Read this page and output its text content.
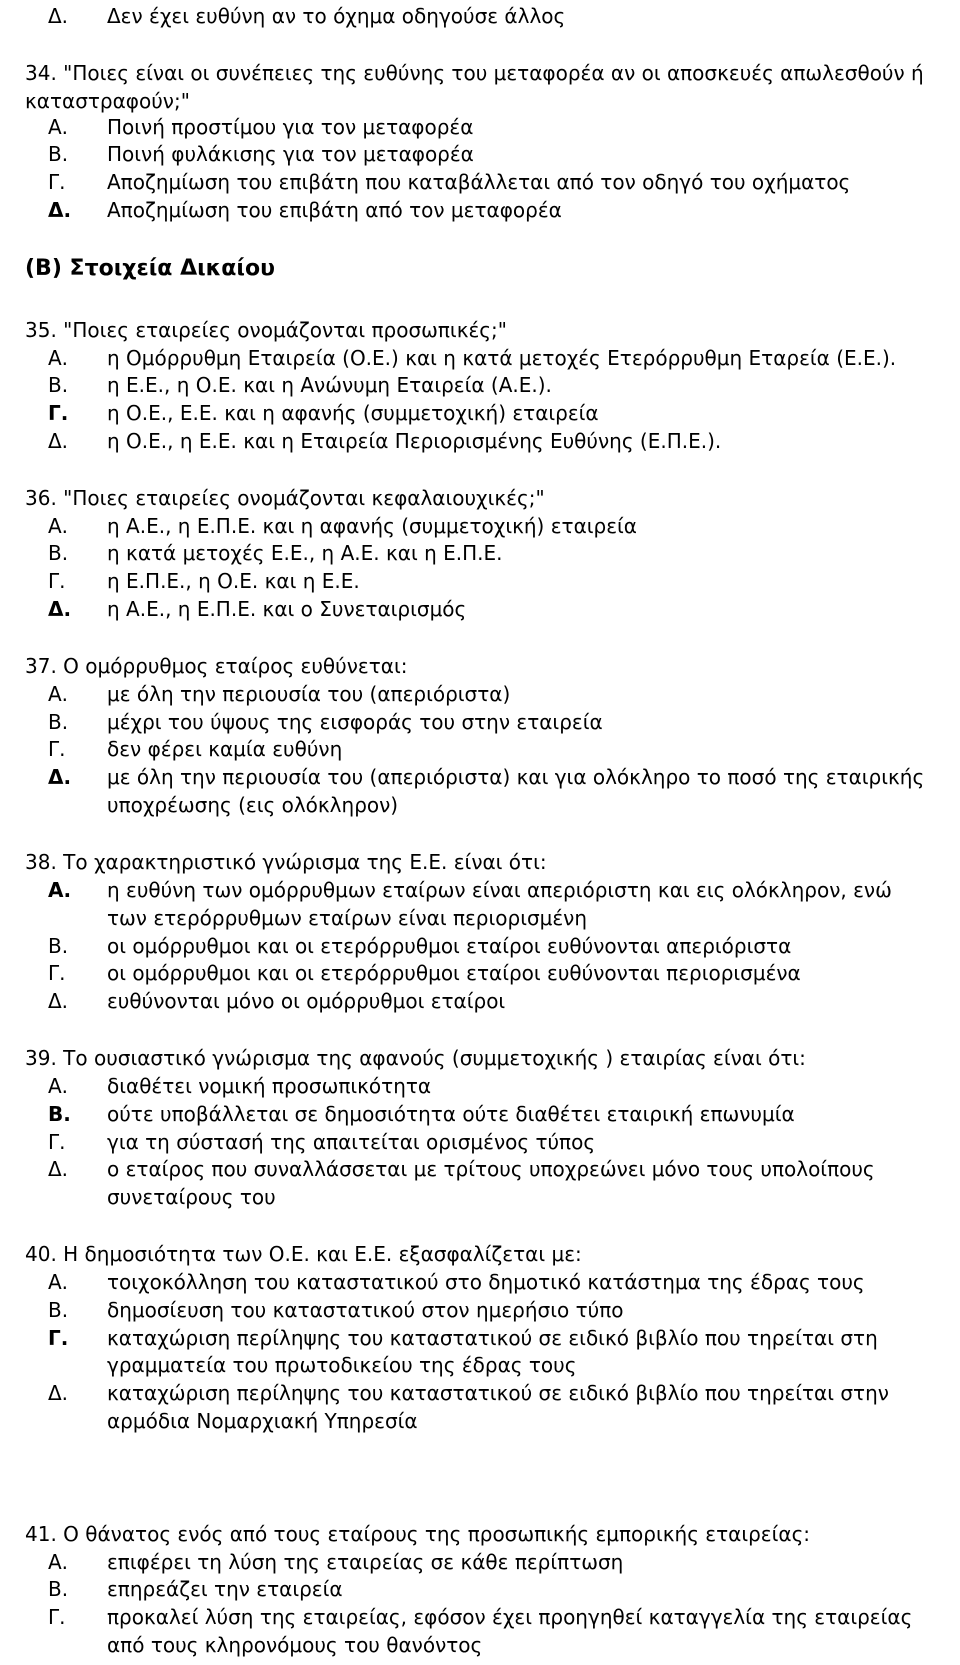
Δ. Δεν έχει ευθύνη αν το όχημα οδηγούσε άλλος
34. "Ποιες είναι οι συνέπειες της ευθύνης του μεταφορέα αν οι αποσκευές απωλεσθούν ή
καταστραφούν;"
Α. Ποινή προστίμου για τον μεταφορέα
Β. Ποινή φυλάκισης για τον μεταφορέα
Γ. Αποζημίωση του επιβάτη που καταβάλλεται από τον οδηγό του οχήματος
Δ. Αποζημίωση του επιβάτη από τον μεταφορέα
(Β) Στοιχεία Δικαίου
35. "Ποιες εταιρείες ονομάζονται προσωπικές;"
Α. η Ομόρρυθμη Εταιρεία (Ο.Ε.) και η κατά μετοχές Ετερόρρυθμη Εταρεία (Ε.Ε.).
Β. η Ε.Ε., η Ο.Ε. και η Ανώνυμη Εταιρεία (Α.Ε.).
Γ. η Ο.Ε., Ε.Ε. και η αφανής (συμμετοχική) εταιρεία
Δ. η Ο.Ε., η Ε.Ε. και η Εταιρεία Περιορισμένης Ευθύνης (Ε.Π.Ε.).
36. "Ποιες εταιρείες ονομάζονται κεφαλαιουχικές;"
Α. η Α.Ε., η Ε.Π.Ε. και η αφανής (συμμετοχική) εταιρεία
Β. η κατά μετοχές Ε.Ε., η Α.Ε. και η Ε.Π.Ε.
Γ. η Ε.Π.Ε., η Ο.Ε. και η Ε.Ε.
Δ. η Α.Ε., η Ε.Π.Ε. και ο Συνεταιρισμός
37. Ο ομόρρυθμος εταίρος ευθύνεται:
Α. με όλη την περιουσία του (απεριόριστα)
Β. μέχρι του ύψους της εισφοράς του στην εταιρεία
Γ. δεν φέρει καμία ευθύνη
Δ. με όλη την περιουσία του (απεριόριστα) και για ολόκληρο το ποσό της εταιρικής
υποχρέωσης (εις ολόκληρον)
38. Το χαρακτηριστικό γνώρισμα της Ε.Ε. είναι ότι:
Α. η ευθύνη των ομόρρυθμων εταίρων είναι απεριόριστη και εις ολόκληρον, ενώ
των ετερόρρυθμων εταίρων είναι περιορισμένη
Β. οι ομόρρυθμοι και οι ετερόρρυθμοι εταίροι ευθύνονται απεριόριστα
Γ. οι ομόρρυθμοι και οι ετερόρρυθμοι εταίροι ευθύνονται περιορισμένα
Δ. ευθύνονται μόνο οι ομόρρυθμοι εταίροι
39. Το ουσιαστικό γνώρισμα της αφανούς (συμμετοχικής ) εταιρίας είναι ότι:
Α. διαθέτει νομική προσωπικότητα
Β. ούτε υποβάλλεται σε δημοσιότητα ούτε διαθέτει εταιρική επωνυμία
Γ. για τη σύστασή της απαιτείται ορισμένος τύπος
Δ. ο εταίρος που συναλλάσσεται με τρίτους υποχρεώνει μόνο τους υπολοίπους
συνεταίρους του
40. Η δημοσιότητα των Ο.Ε. και Ε.Ε. εξασφαλίζεται με:
Α. τοιχοκόλληση του καταστατικού στο δημοτικό κατάστημα της έδρας τους
Β. δημοσίευση του καταστατικού στον ημερήσιο τύπο
Γ. καταχώριση περίληψης του καταστατικού σε ειδικό βιβλίο που τηρείται στη
γραμματεία του πρωτοδικείου της έδρας τους
Δ. καταχώριση περίληψης του καταστατικού σε ειδικό βιβλίο που τηρείται στην
αρμόδια Νομαρχιακή Υπηρεσία
41. Ο θάνατος ενός από τους εταίρους της προσωπικής εμπορικής εταιρείας:
Α. επιφέρει τη λύση της εταιρείας σε κάθε περίπτωση
Β. επηρεάζει την εταιρεία
Γ. προκαλεί λύση της εταιρείας, εφόσον έχει προηγηθεί καταγγελία της εταιρείας
από τους κληρονόμους του θανόντος
